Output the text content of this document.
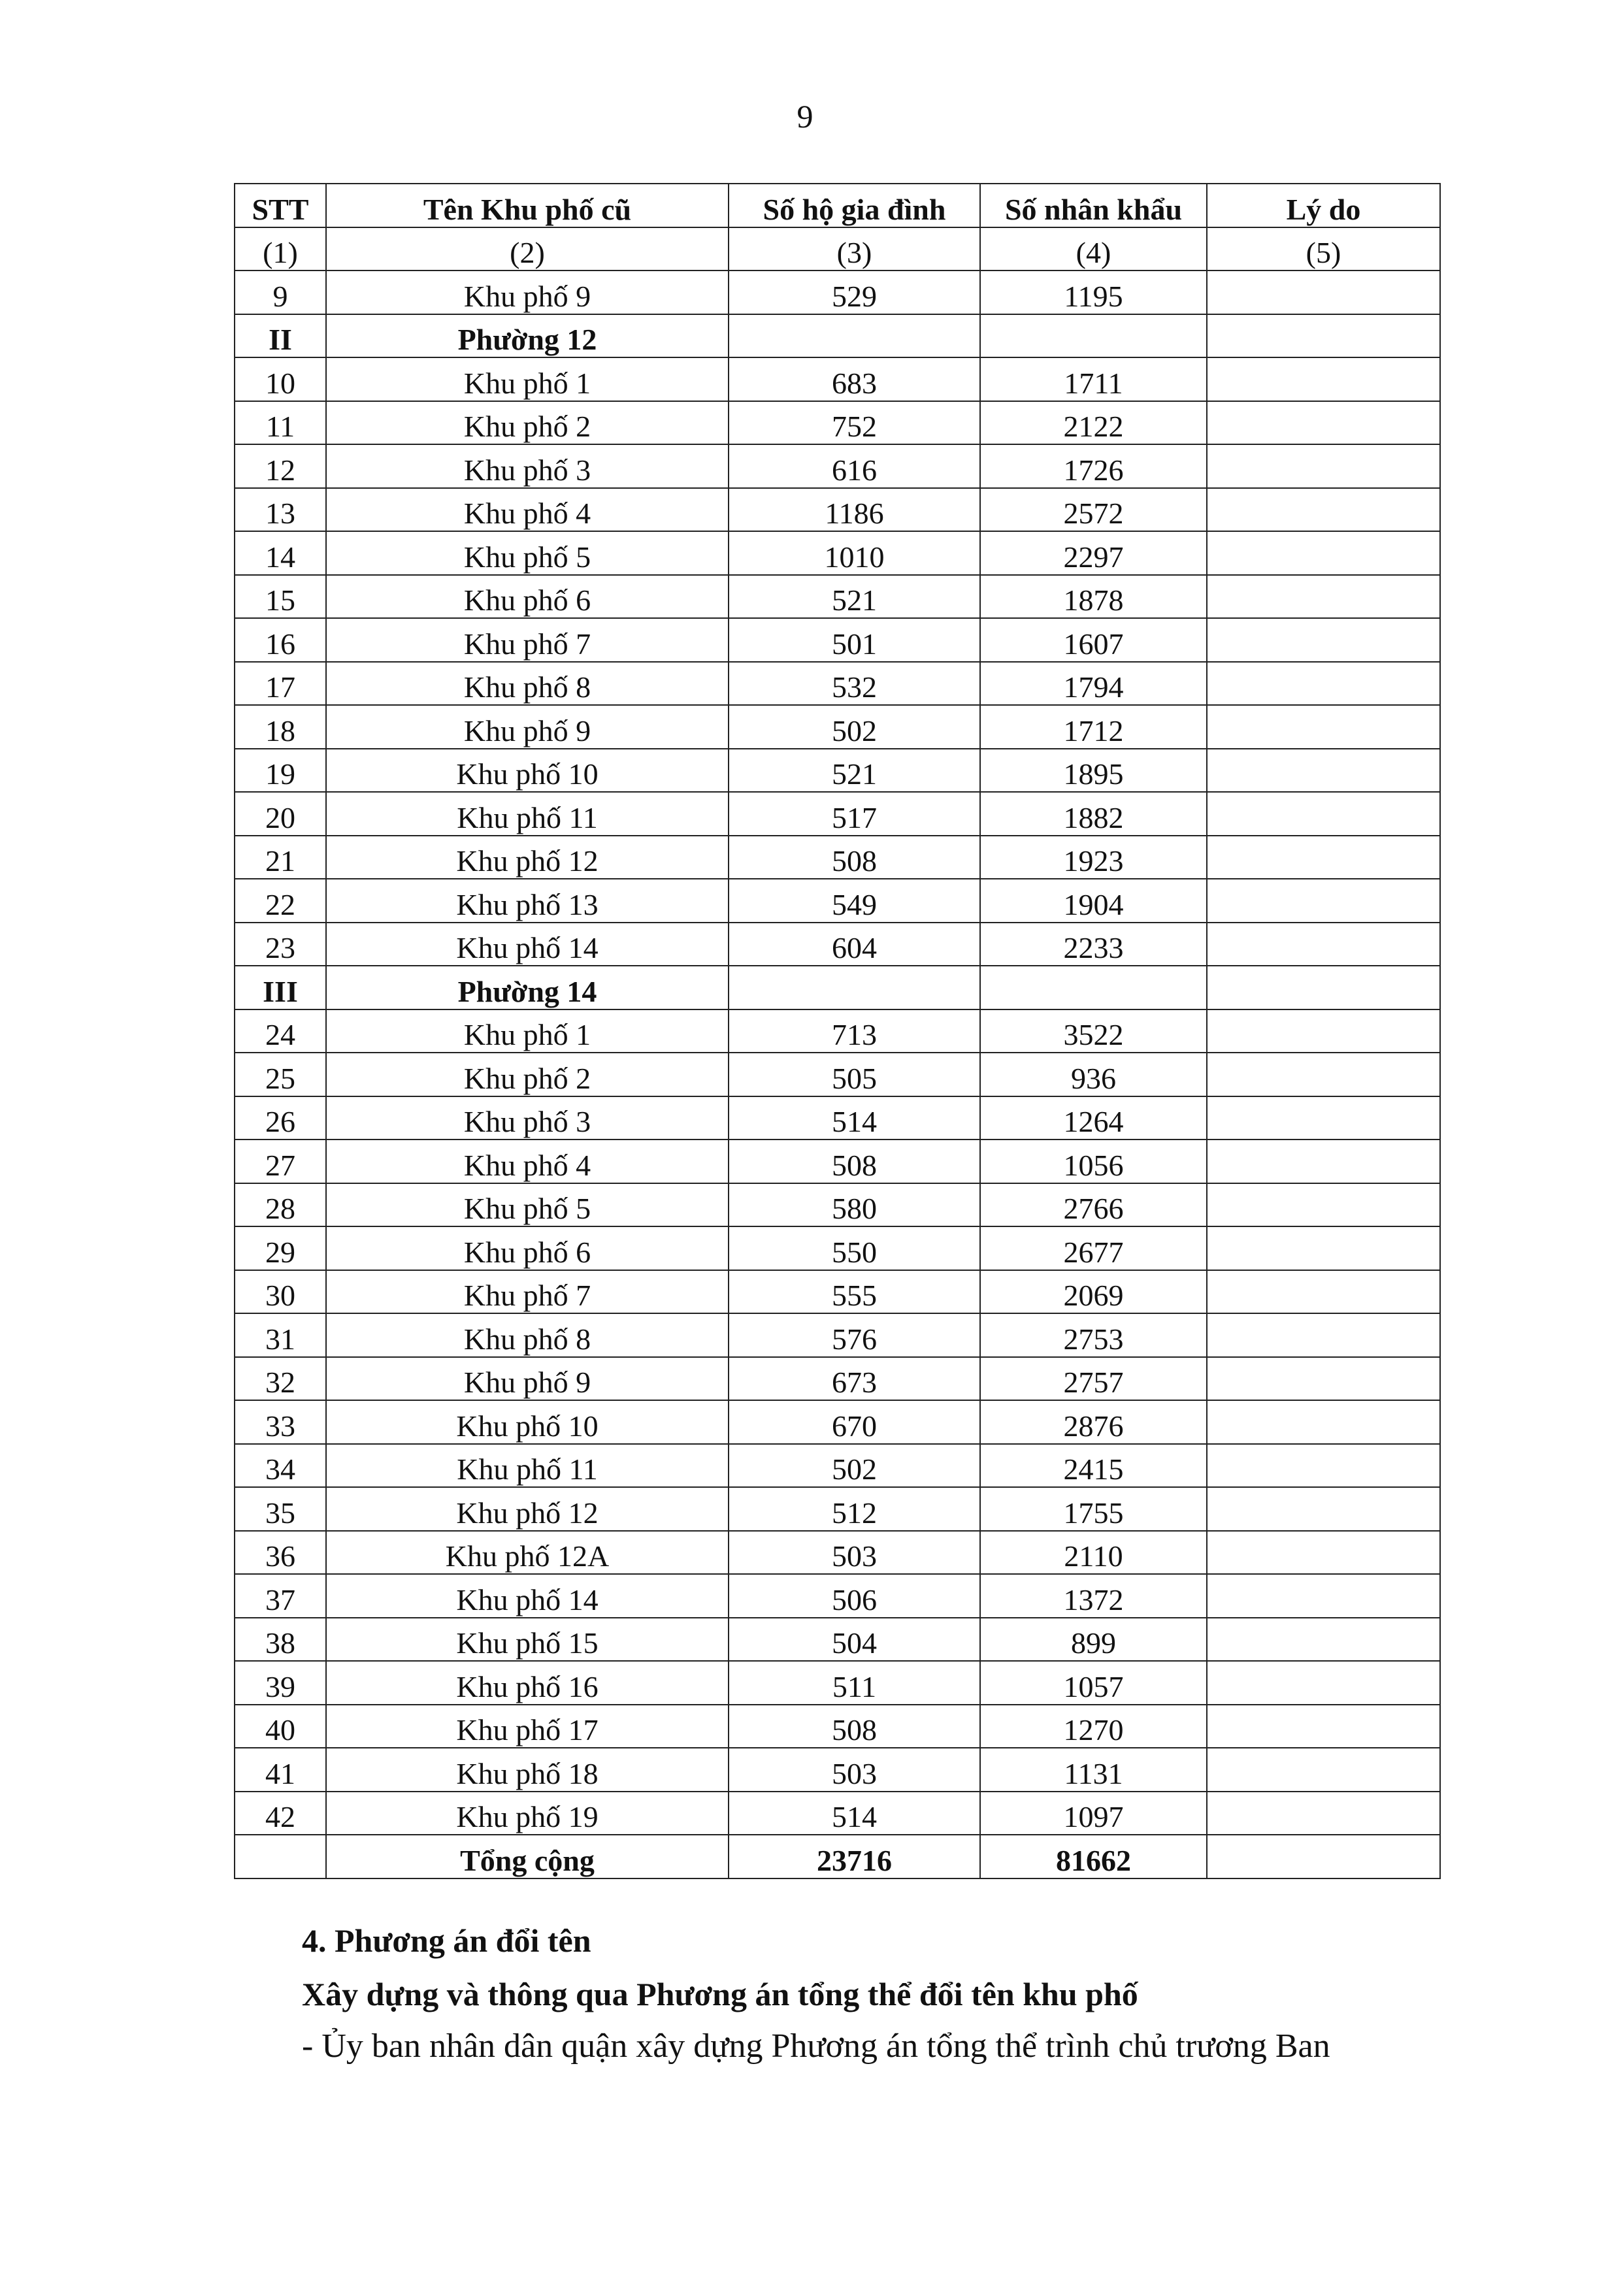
9
STT	Tên Khu phố cũ	Số hộ gia đình	Số nhân khẩu	Lý do
(1)	(2)	(3)	(4)	(5)
9	Khu phố 9	529	1195	
II	Phường 12			
10	Khu phố 1	683	1711	
11	Khu phố 2	752	2122	
12	Khu phố 3	616	1726	
13	Khu phố 4	1186	2572	
14	Khu phố 5	1010	2297	
15	Khu phố 6	521	1878	
16	Khu phố 7	501	1607	
17	Khu phố 8	532	1794	
18	Khu phố 9	502	1712	
19	Khu phố 10	521	1895	
20	Khu phố 11	517	1882	
21	Khu phố 12	508	1923	
22	Khu phố 13	549	1904	
23	Khu phố 14	604	2233	
III	Phường 14			
24	Khu phố 1	713	3522	
25	Khu phố 2	505	936	
26	Khu phố 3	514	1264	
27	Khu phố 4	508	1056	
28	Khu phố 5	580	2766	
29	Khu phố 6	550	2677	
30	Khu phố 7	555	2069	
31	Khu phố 8	576	2753	
32	Khu phố 9	673	2757	
33	Khu phố 10	670	2876	
34	Khu phố 11	502	2415	
35	Khu phố 12	512	1755	
36	Khu phố 12A	503	2110	
37	Khu phố 14	506	1372	
38	Khu phố 15	504	899	
39	Khu phố 16	511	1057	
40	Khu phố 17	508	1270	
41	Khu phố 18	503	1131	
42	Khu phố 19	514	1097	
	Tổng cộng	23716	81662	
4. Phương án đổi tên
Xây dựng và thông qua Phương án tổng thể đổi tên khu phố
- Ủy ban nhân dân quận xây dựng Phương án tổng thể trình chủ trương Ban
